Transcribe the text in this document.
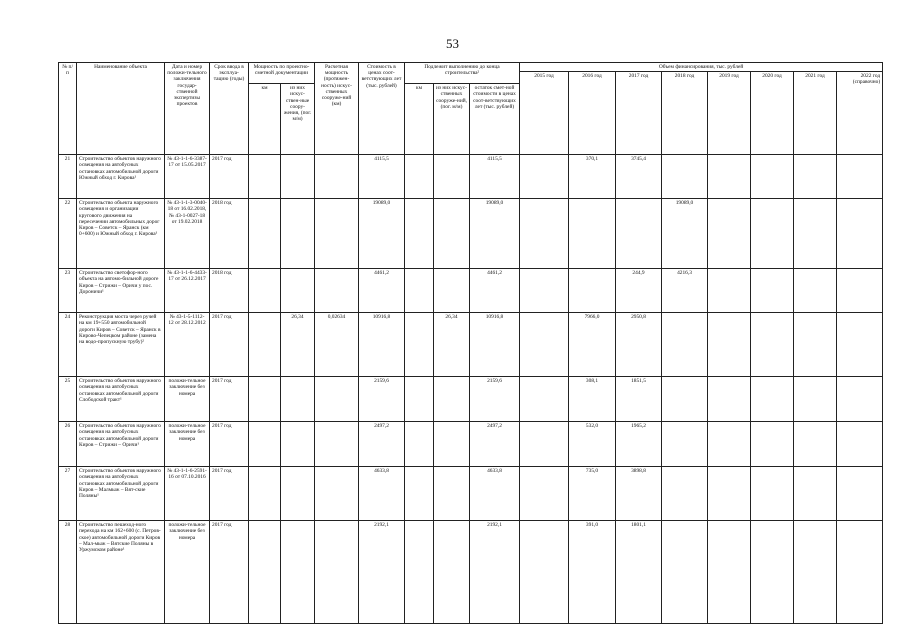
53
№ п/п	Наименование объекта	Дата и номер положи-тельного заключения государ-ственной экспертизы проектов	Срок ввода в эксплуа-тацию (годы)	Мощность по проектно-сметной документации		Расчетная мощность (протяжен-ность) искус-ственных сооруже-ний (км)	Стоимость в ценах соот-ветствующих лет (тыс. рублей)	Подлежит выполнению до конца строительства²			Объем финансирования, тыс. рублей							
											2015 год	2016 год	2017 год	2018 год	2019 год	2020 год	2021 год	2022 год (справочно)
				км	из них искус-ствен-ные соору-жения, (пог. м/м)			км	из них искус-ственных сооруже-ний, (пог. м/м)	остаток смет-ной стоимости в ценах соот-ветствующих лет (тыс. рублей)								
21	Строительство объектов наружного освещения на автобусных остановках автомобильной дороги Южный обход г. Кирова¹	№ 43-1-1-6-3387-17 от 15.05.2017	2017 год				4115,5			4115,5		370,1	3745,4					
22	Строительство объекта наружного освещения и организации кругового движения на пересечении автомобильных дорог Киров – Советск – Яранск (км 0+600) и Южный обход г. Кирова¹	№ 43-1-1-3-0040-18 от 16.02.2018, № 43-1-0027-18 от 19.02.2018	2018 год				19089,0			19089,0				19089,0				
23	Строительство светофор-ного объекта на автомо-бильной дороге Киров – Стрижи – Оричи у пос. Дороничи¹	№ 43-1-1-6-4433-17 от 26.12.2017	2018 год				4461,2			4461,2			244,9	4216,3				
24	Реконструкция моста через ручей на км 19+550 автомобильной дороги Киров – Советск – Яранск в Кирово-Чепецком районе (замена на водо-пропускную трубу)²	№ 43-1-5-1112-12 от 28.12.2012	2017 год		26,34	0,02634	10916,8		26,34	10916,8		7966,0	2950,8					
25	Строительство объектов наружного освещения на автобусных остановках автомобильной дороги Слободской тракт¹	положи-тельное заключение без номера	2017 год				2159,6			2159,6		308,1	1851,5					
26	Строительство объектов наружного освещения на автобусных остановках автомобильной дороги Киров – Стрижи – Оричи¹	положи-тельное заключение без номера	2017 год				2497,2			2497,2		532,0	1965,2					
27	Строительство объектов наружного освещения на автобусных остановках автомобильной дороги Киров – Малмыж – Вят-ские Поляны¹	№ 43-1-1-6-2591-16 от 07.10.2016	2017 год				4633,8			4633,8		735,0	3898,8					
28	Строительство пешеход-ного перехода на км 162+600 (с. Петров-ское) автомобильной дороги Киров – Мал-мыж – Вятские Поляны в Уржумском районе¹	положи-тельное заключение без номера	2017 год				2192,1			2192,1		391,0	1801,1					
